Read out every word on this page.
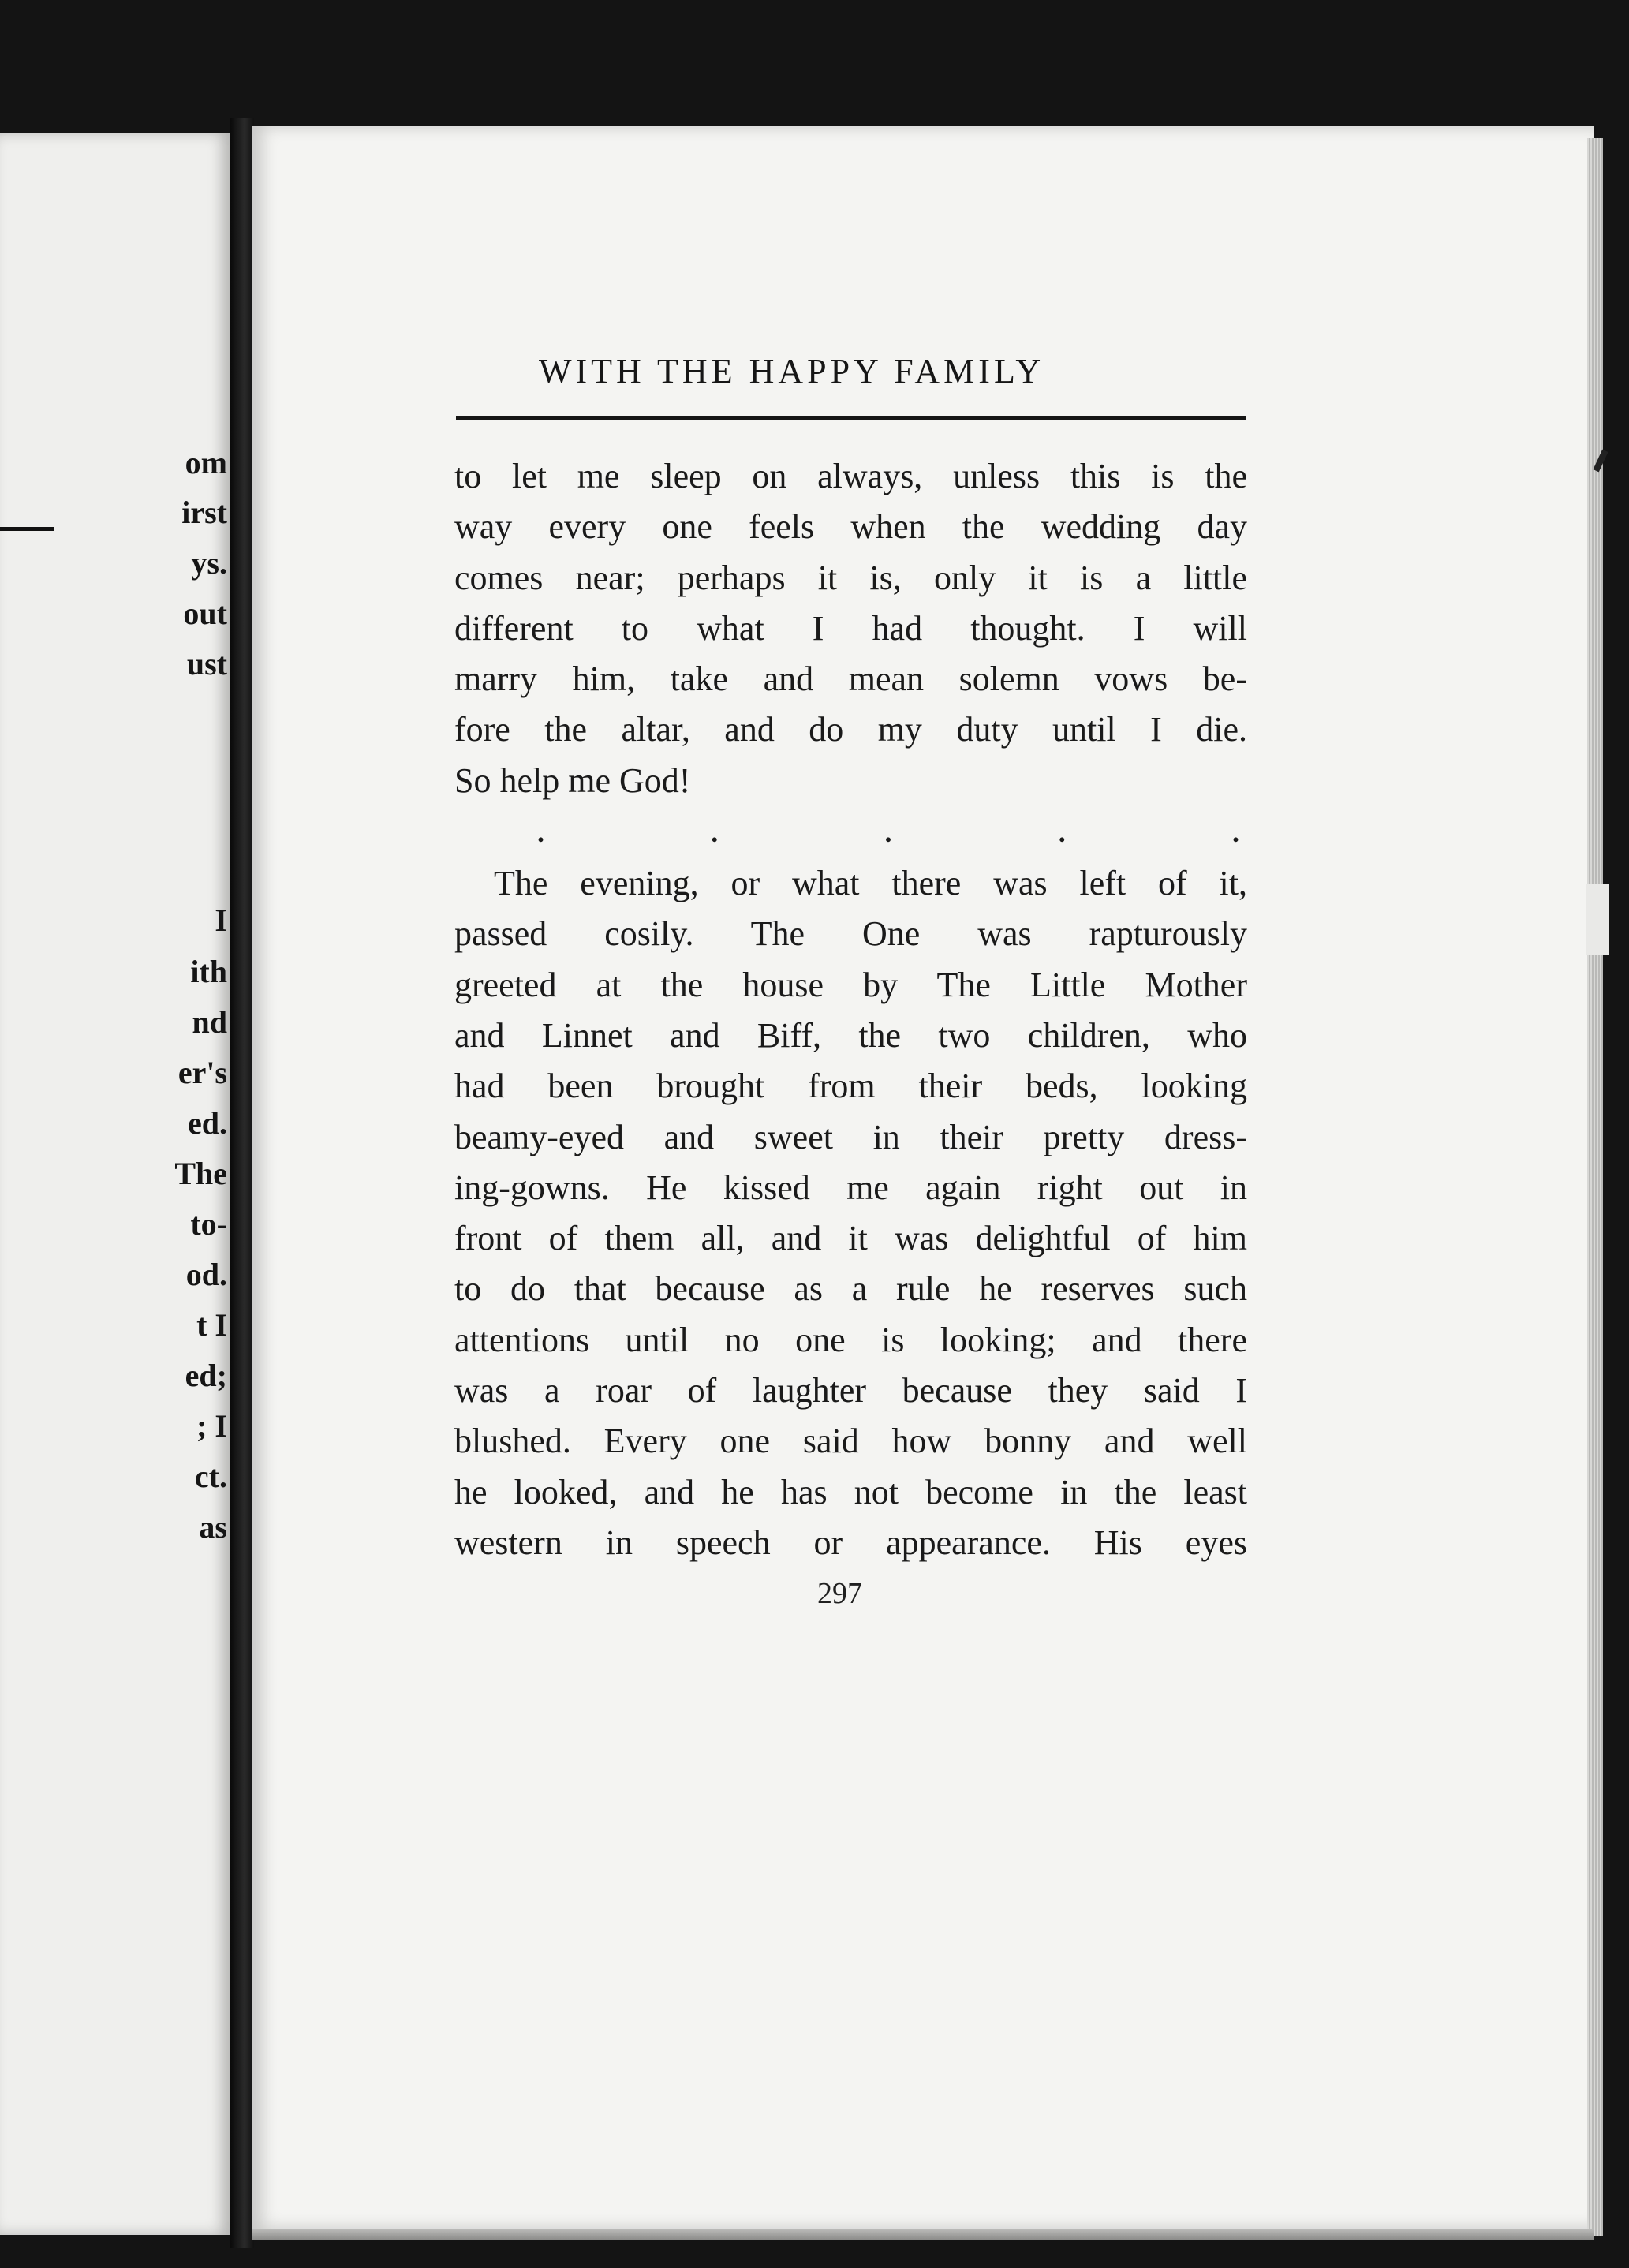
om
irst
ys.
out
ust
I
ith
nd
er's
ed.
The
to-
od.
t I
ed;
; I
ct.
as
WITH THE HAPPY FAMILY
to let me sleep on always, unless this is the
way every one feels when the wedding day
comes near; perhaps it is, only it is a little
different to what I had thought. I will
marry him, take and mean solemn vows be-
fore the altar, and do my duty until I die.
So help me God!
.	.	.	.	.
The evening, or what there was left of it,
passed cosily. The One was rapturously
greeted at the house by The Little Mother
and Linnet and Biff, the two children, who
had been brought from their beds, looking
beamy-eyed and sweet in their pretty dress-
ing-gowns. He kissed me again right out in
front of them all, and it was delightful of him
to do that because as a rule he reserves such
attentions until no one is looking; and there
was a roar of laughter because they said I
blushed. Every one said how bonny and well
he looked, and he has not become in the least
western in speech or appearance. His eyes
297
